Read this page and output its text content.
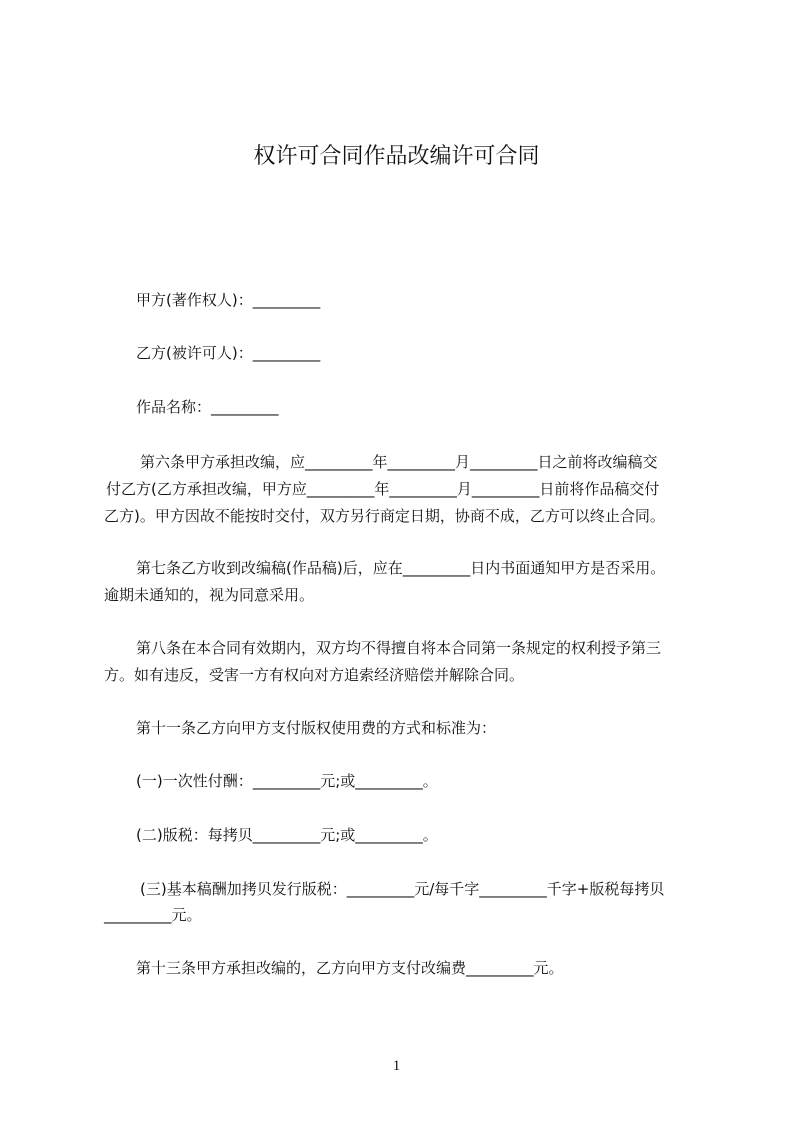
权许可合同作品改编许可合同
甲方(著作权人)：_________
乙方(被许可人)：_________
作品名称：_________
第六条甲方承担改编，应_________年_________月_________日之前将改编稿交
付乙方(乙方承担改编，甲方应_________年_________月_________日前将作品稿交付
乙方)。甲方因故不能按时交付，双方另行商定日期，协商不成，乙方可以终止合同。
第七条乙方收到改编稿(作品稿)后，应在_________日内书面通知甲方是否采用。
逾期未通知的，视为同意采用。
第八条在本合同有效期内，双方均不得擅自将本合同第一条规定的权利授予第三
方。如有违反，受害一方有权向对方追索经济赔偿并解除合同。
第十一条乙方向甲方支付版权使用费的方式和标准为：
(一)一次性付酬：_________元;或_________。
(二)版税：每拷贝_________元;或_________。
(三)基本稿酬加拷贝发行版税：_________元/每千字_________千字+版税每拷贝
_________元。
第十三条甲方承担改编的，乙方向甲方支付改编费_________元。
1
